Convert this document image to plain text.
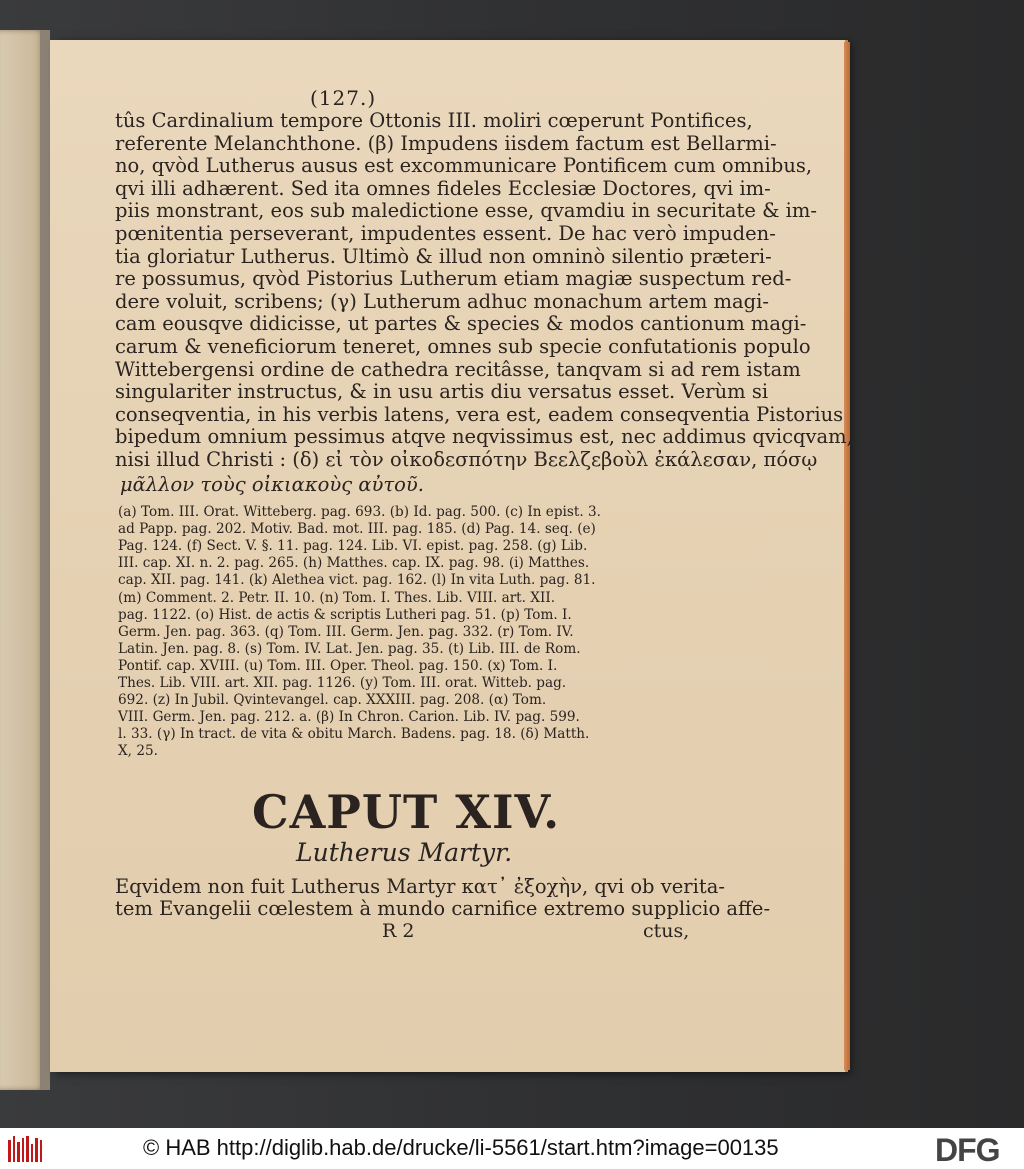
(127.)
tûs Cardinalium tempore Ottonis III. moliri cœperunt Pontifices,
referente Melanchthone. (β) Impudens iisdem factum est Bellarmi-
no, qvòd Lutherus ausus est excommunicare Pontificem cum omnibus,
qvi illi adhærent. Sed ita omnes fideles Ecclesiæ Doctores, qvi im-
piis monstrant, eos sub maledictione esse, qvamdiu in securitate & im-
pœnitentia perseverant, impudentes essent. De hac verò impuden-
tia gloriatur Lutherus. Ultimò & illud non omninò silentio præteri-
re possumus, qvòd Pistorius Lutherum etiam magiæ suspectum red-
dere voluit, scribens; (γ) Lutherum adhuc monachum artem magi-
cam eousqve didicisse, ut partes & species & modos cantionum magi-
carum & veneficiorum teneret, omnes sub specie confutationis populo
Wittebergensi ordine de cathedra recitâsse, tanqvam si ad rem istam
singulariter instructus, & in usu artis diu versatus esset. Verùm si
conseqventia, in his verbis latens, vera est, eadem conseqventia Pistorius
bipedum omnium pessimus atqve neqvissimus est, nec addimus qvicqvam,
nisi illud Christi : (δ) εἰ τὸν οἰκοδεσπότην Βεελζεβοὺλ ἐκάλεσαν, πόσῳ
μᾶλλον τοὺς οἰκιακοὺς αὐτοῦ.
(a) Tom. III. Orat. Witteberg. pag. 693. (b) Id. pag. 500. (c) In epist. 3.
ad Papp. pag. 202. Motiv. Bad. mot. III. pag. 185. (d) Pag. 14. seq. (e)
Pag. 124. (f) Sect. V. §. 11. pag. 124. Lib. VI. epist. pag. 258. (g) Lib.
III. cap. XI. n. 2. pag. 265. (h) Matthes. cap. IX. pag. 98. (i) Matthes.
cap. XII. pag. 141. (k) Alethea vict. pag. 162. (l) In vita Luth. pag. 81.
(m) Comment. 2. Petr. II. 10. (n) Tom. I. Thes. Lib. VIII. art. XII.
pag. 1122. (o) Hist. de actis & scriptis Lutheri pag. 51. (p) Tom. I.
Germ. Jen. pag. 363. (q) Tom. III. Germ. Jen. pag. 332. (r) Tom. IV.
Latin. Jen. pag. 8. (s) Tom. IV. Lat. Jen. pag. 35. (t) Lib. III. de Rom.
Pontif. cap. XVIII. (u) Tom. III. Oper. Theol. pag. 150. (x) Tom. I.
Thes. Lib. VIII. art. XII. pag. 1126. (y) Tom. III. orat. Witteb. pag.
692. (z) In Jubil. Qvintevangel. cap. XXXIII. pag. 208. (α) Tom.
VIII. Germ. Jen. pag. 212. a. (β) In Chron. Carion. Lib. IV. pag. 599.
l. 33. (γ) In tract. de vita & obitu March. Badens. pag. 18. (δ) Matth.
X, 25.
CAPUT XIV.
Lutherus Martyr.
Eqvidem non fuit Lutherus Martyr κατ᾽ ἐξοχὴν, qvi ob verita-
tem Evangelii cœlestem à mundo carnifice extremo supplicio affe-
R 2	ctus,
© HAB http://diglib.hab.de/drucke/li-5561/start.htm?image=00135	DFG
